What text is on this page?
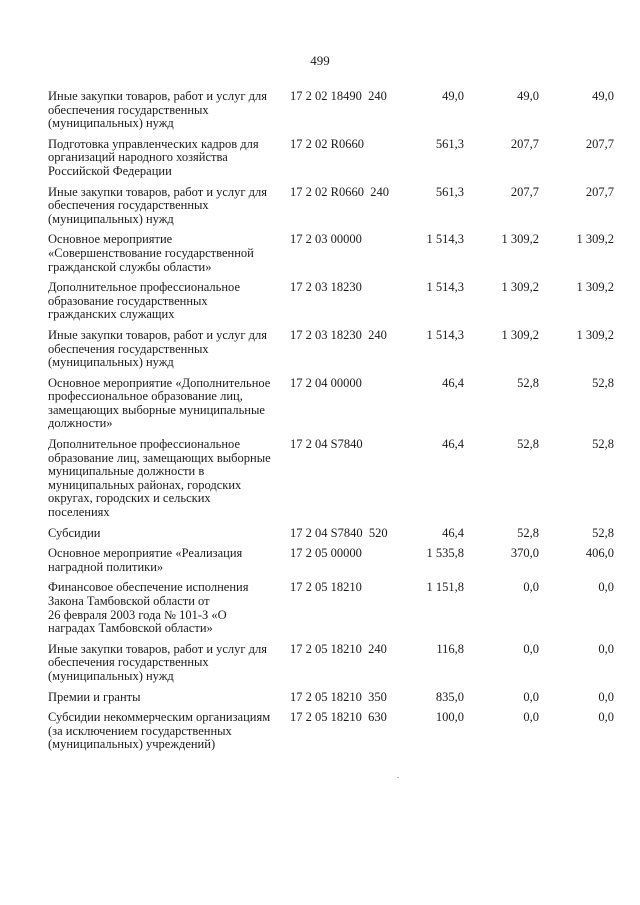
499
Иные закупки товаров, работ и услуг для
обеспечения государственных
(муниципальных) нужд
17 2 02 18490  240	49,0	49,0	49,0
Подготовка управленческих кадров для
организаций народного хозяйства
Российской Федерации
17 2 02 R0660	561,3	207,7	207,7
Иные закупки товаров, работ и услуг для
обеспечения государственных
(муниципальных) нужд
17 2 02 R0660  240	561,3	207,7	207,7
Основное мероприятие
«Совершенствование государственной
гражданской службы области»
17 2 03 00000	1 514,3	1 309,2	1 309,2
Дополнительное профессиональное
образование государственных
гражданских служащих
17 2 03 18230	1 514,3	1 309,2	1 309,2
Иные закупки товаров, работ и услуг для
обеспечения государственных
(муниципальных) нужд
17 2 03 18230  240	1 514,3	1 309,2	1 309,2
Основное мероприятие «Дополнительное
профессиональное образование лиц,
замещающих выборные муниципальные
должности»
17 2 04 00000	46,4	52,8	52,8
Дополнительное профессиональное
образование лиц, замещающих выборные
муниципальные должности в
муниципальных районах, городских
округах, городских и сельских
поселениях
17 2 04 S7840	46,4	52,8	52,8
Субсидии	17 2 04 S7840  520	46,4	52,8	52,8
Основное мероприятие «Реализация
наградной политики»
17 2 05 00000	1 535,8	370,0	406,0
Финансовое обеспечение исполнения
Закона Тамбовской области от
26 февраля 2003 года № 101-З «О
наградах Тамбовской области»
17 2 05 18210	1 151,8	0,0	0,0
Иные закупки товаров, работ и услуг для
обеспечения государственных
(муниципальных) нужд
17 2 05 18210  240	116,8	0,0	0,0
Премии и гранты	17 2 05 18210  350	835,0	0,0	0,0
Субсидии некоммерческим организациям
(за исключением государственных
(муниципальных) учреждений)
17 2 05 18210  630	100,0	0,0	0,0
